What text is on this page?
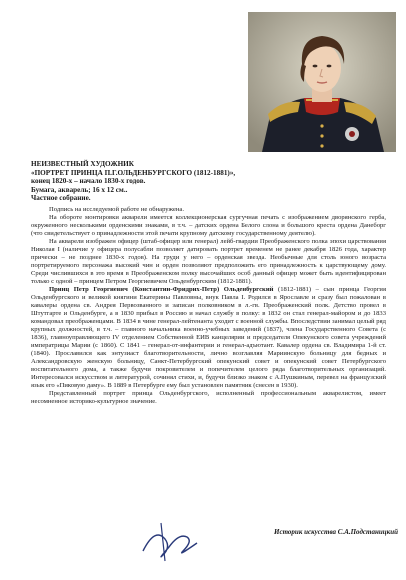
НЕИЗВЕСТНЫЙ ХУДОЖНИК
«ПОРТРЕТ ПРИНЦА П.Г.ОЛЬДЕНБУРГСКОГО (1812-1881)»,
конец 1820-х – начало 1830-х годов.
Бумага, акварель; 16 х 12 см..
Частное собрание.

Подпись на исследуемой работе не обнаружена.

На обороте монтировки акварели имеется коллекционерская сургучная печать с изображением дворянского герба, окруженного несколькими орденскими знаками, в т.ч. – датских ордена Белого слона и большого креста ордена Данеборг (что свидетельствует о принадлежности этой печати крупному датскому государственному деятелю).

На акварели изображен офицер (штаб-офицер или генерал) лейб-гвардии Преображенского полка эпохи царствования Николая I (наличие у офицера полусабли позволяет датировать портрет временем не ранее декабря 1826 года, характер прически – не позднее 1830-х годов). На груди у него – орденская звезда. Необычные для столь юного возраста портретируемого персонажа высокий чин и орден позволяют предположить его принадлежность к царствующему дому. Среди числившихся в это время в Преображенском полку высочайших особ данный офицер может быть идентифицирован только с одной – принцем Петром Георгиевичем Ольденбургским (1812-1881).

Принц Петр Георгиевич (Константин-Фридрих-Петр) Ольденбургский (1812-1881) – сын принца Георгия Ольденбургского и великой княгини Екатерины Павловны, внук Павла I. Родился в Ярославле и сразу был пожалован в кавалеры ордена св. Андрея Первозванного и записан полковником в л.-гв. Преображенский полк. Детство провел в Штутгарте и Ольденбурге, а в 1830 прибыл в Россию и начал службу в полку: в 1832 он стал генерал-майором и до 1833 командовал преображенцами. В 1834 в чине генерал-лейтенанта уходит с военной службы. Впоследствии занимал целый ряд крупных должностей, в т.ч. – главного начальника военно-учебных заведений (1837), члена Государственного Совета (с 1836), главноуправляющего IV отделением Собственной ЕИВ канцелярии и председателя Опекунского совета учреждений императрицы Марии (с 1860). С 1841 – генерал-от-инфантерии и генерал-адъютант. Кавалер ордена св. Владимира 1-й ст. (1840). Прославился как энтузиаст благотворительности, лично возглавляя Мариинскую больницу для бедных и Александровскую женскую больницу, Санкт-Петербургский опекунский совет и опекунский совет Петербургского воспитательного дома, а также будучи покровителем и попечителем целого ряда благотворительных организаций. Интересовался искусством и литературой, сочинял стихи, и, будучи близко знаком с А.Пушкиным, перевел на французский язык его «Пиковую даму». В 1889 в Петербурге ему был установлен памятник (снесен в 1930).

Представленный портрет принца Ольденбургского, исполненный профессиональным акварелистом, имеет несомненное историко-культурное значение.

Историк искусства С.А.Подстаницкий
